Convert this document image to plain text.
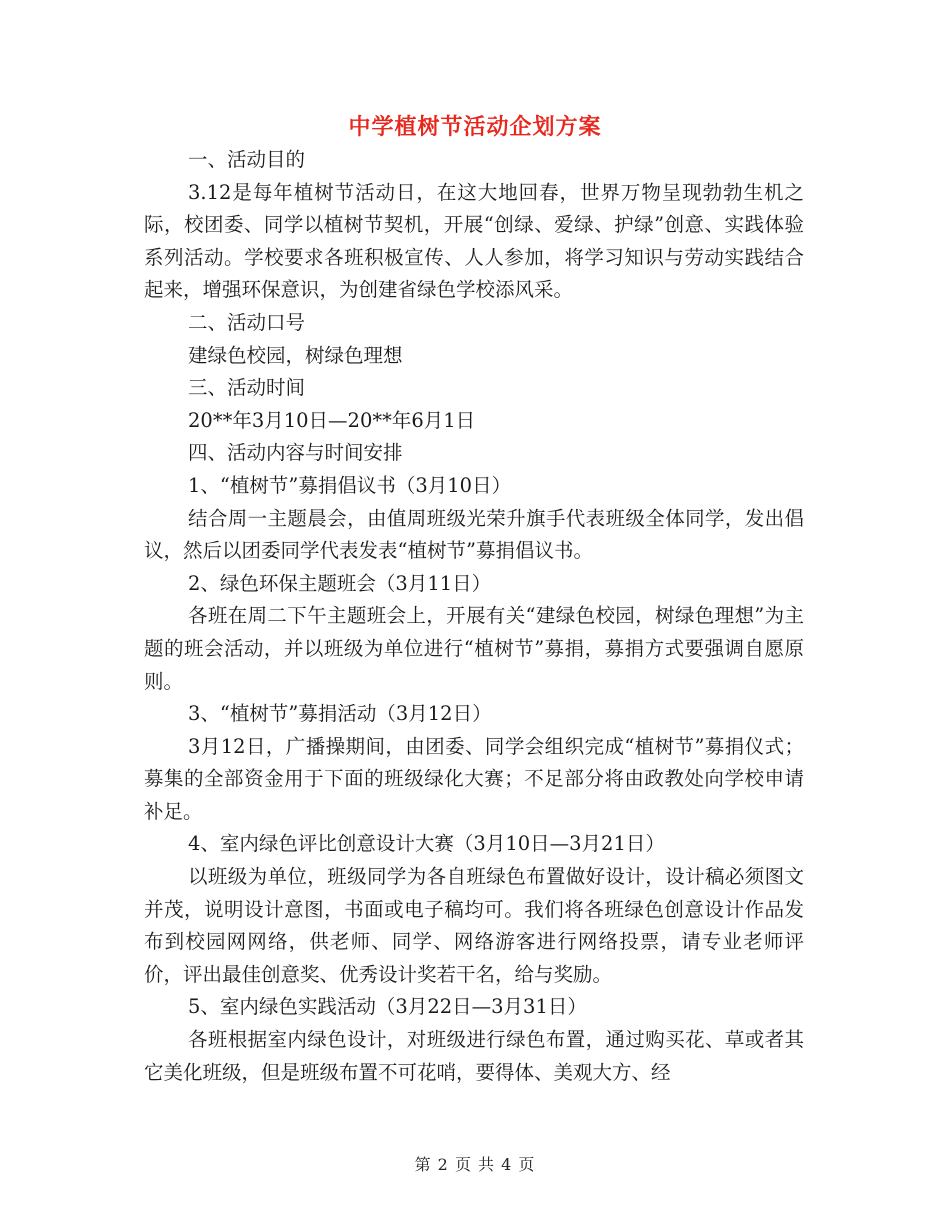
中学植树节活动企划方案

一、活动目的

3.12是每年植树节活动日，在这大地回春，世界万物呈现勃勃生机之际，校团委、同学以植树节契机，开展“创绿、爱绿、护绿”创意、实践体验系列活动。学校要求各班积极宣传、人人参加，将学习知识与劳动实践结合起来，增强环保意识，为创建省绿色学校添风采。

二、活动口号

建绿色校园，树绿色理想

三、活动时间

20**年3月10日—20**年6月1日

四、活动内容与时间安排

1、“植树节”募捐倡议书（3月10日）

结合周一主题晨会，由值周班级光荣升旗手代表班级全体同学，发出倡议，然后以团委同学代表发表“植树节”募捐倡议书。

2、绿色环保主题班会（3月11日）

各班在周二下午主题班会上，开展有关“建绿色校园，树绿色理想”为主题的班会活动，并以班级为单位进行“植树节”募捐，募捐方式要强调自愿原则。

3、“植树节”募捐活动（3月12日）

3月12日，广播操期间，由团委、同学会组织完成“植树节”募捐仪式；募集的全部资金用于下面的班级绿化大赛；不足部分将由政教处向学校申请补足。

4、室内绿色评比创意设计大赛（3月10日—3月21日）

以班级为单位，班级同学为各自班绿色布置做好设计，设计稿必须图文并茂，说明设计意图，书面或电子稿均可。我们将各班绿色创意设计作品发布到校园网网络，供老师、同学、网络游客进行网络投票，请专业老师评价，评出最佳创意奖、优秀设计奖若干名，给与奖励。

5、室内绿色实践活动（3月22日—3月31日）

各班根据室内绿色设计，对班级进行绿色布置，通过购买花、草或者其它美化班级，但是班级布置不可花哨，要得体、美观大方、经

第 2 页 共 4 页
